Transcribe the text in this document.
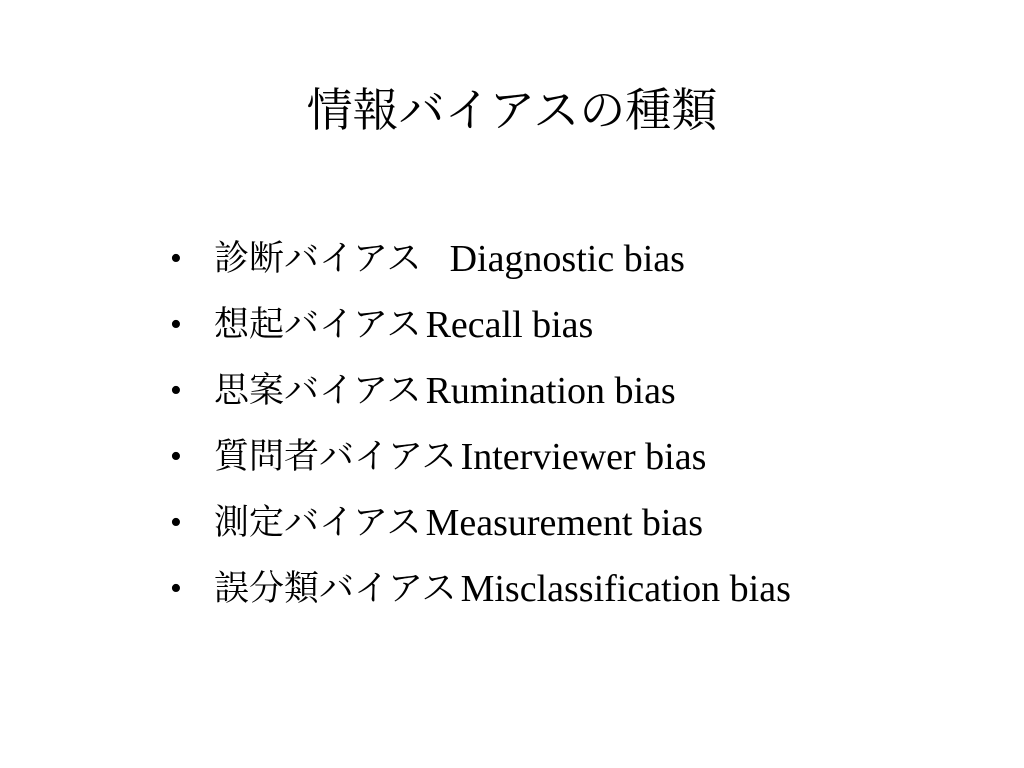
情報バイアスの種類
• 診断バイアス Diagnostic bias
• 想起バイアス Recall bias
• 思案バイアス Rumination bias
• 質問者バイアス Interviewer bias
• 測定バイアス Measurement bias
• 誤分類バイアス Misclassification bias
